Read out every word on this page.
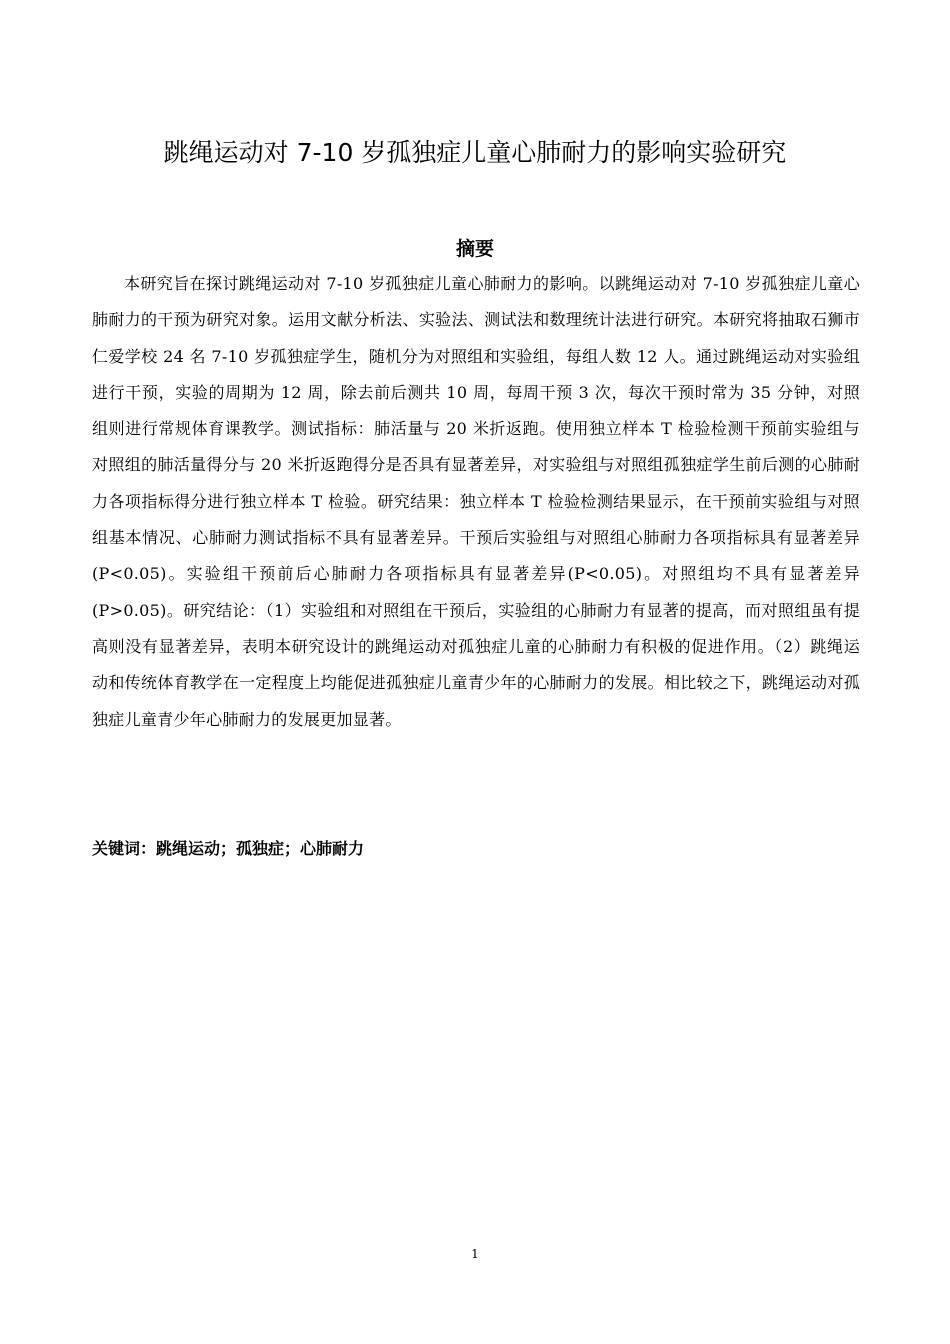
跳绳运动对 7-10 岁孤独症儿童心肺耐力的影响实验研究
摘要

本研究旨在探讨跳绳运动对 7-10 岁孤独症儿童心肺耐力的影响。以跳绳运动对 7-10 岁孤独症儿童心肺耐力的干预为研究对象。运用文献分析法、实验法、测试法和数理统计法进行研究。本研究将抽取石狮市仁爱学校 24 名 7-10 岁孤独症学生，随机分为对照组和实验组，每组人数 12 人。通过跳绳运动对实验组进行干预，实验的周期为 12 周，除去前后测共 10 周，每周干预 3 次，每次干预时常为 35 分钟，对照组则进行常规体育课教学。测试指标：肺活量与 20 米折返跑。使用独立样本 T 检验检测干预前实验组与对照组的肺活量得分与 20 米折返跑得分是否具有显著差异，对实验组与对照组孤独症学生前后测的心肺耐力各项指标得分进行独立样本 T 检验。研究结果：独立样本 T 检验检测结果显示，在干预前实验组与对照组基本情况、心肺耐力测试指标不具有显著差异。干预后实验组与对照组心肺耐力各项指标具有显著差异(P<0.05)。实验组干预前后心肺耐力各项指标具有显著差异(P<0.05)。对照组均不具有显著差异(P>0.05)。研究结论：（1）实验组和对照组在干预后，实验组的心肺耐力有显著的提高，而对照组虽有提高则没有显著差异，表明本研究设计的跳绳运动对孤独症儿童的心肺耐力有积极的促进作用。（2）跳绳运动和传统体育教学在一定程度上均能促进孤独症儿童青少年的心肺耐力的发展。相比较之下，跳绳运动对孤独症儿童青少年心肺耐力的发展更加显著。

关键词：跳绳运动；孤独症；心肺耐力
1
